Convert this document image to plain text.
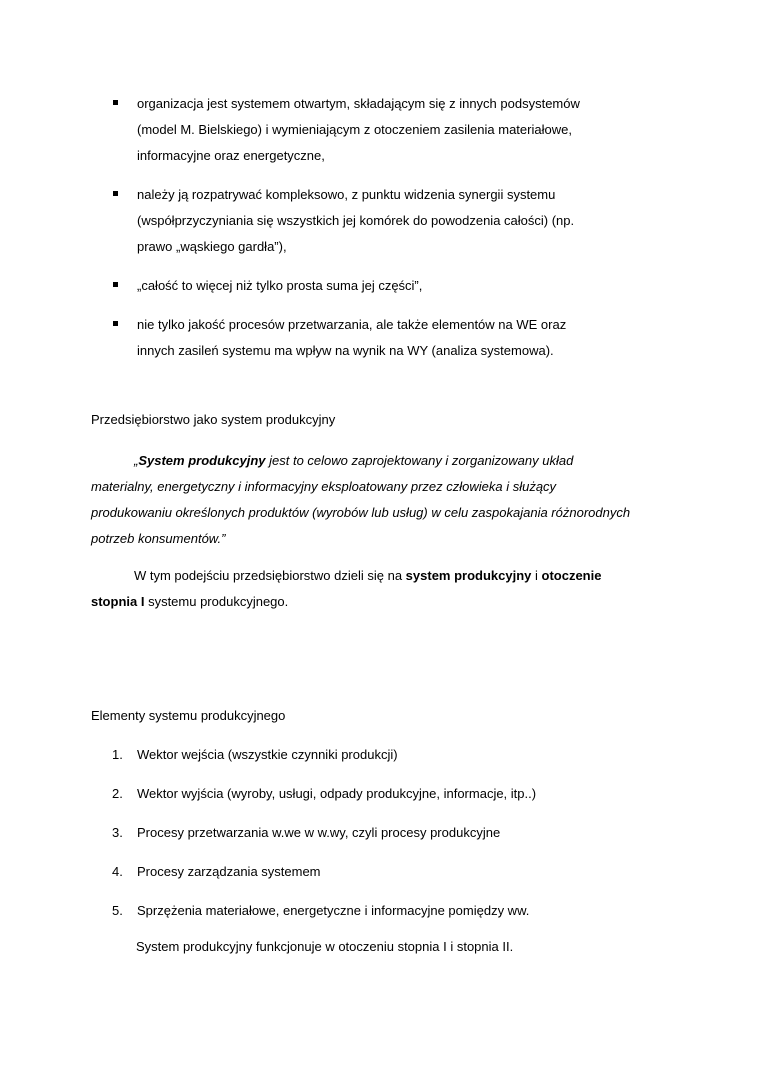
organizacja jest systemem otwartym, składającym się z innych podsystemów (model M. Bielskiego) i wymieniającym z otoczeniem zasilenia materiałowe, informacyjne oraz energetyczne,
należy ją rozpatrywać kompleksowo, z punktu widzenia synergii systemu (współprzyczyniania się wszystkich jej komórek do powodzenia całości) (np. prawo „wąskiego gardła”),
„całość to więcej niż tylko prosta suma jej części”,
nie tylko jakość procesów przetwarzania, ale także elementów na WE oraz innych zasileń systemu ma wpływ na wynik na WY (analiza systemowa).
Przedsiębiorstwo jako system produkcyjny

„System produkcyjny jest to celowo zaprojektowany i zorganizowany układ materialny, energetyczny i informacyjny eksploatowany przez człowieka i służący produkowaniu określonych produktów (wyrobów lub usług) w celu zaspokajania różnorodnych potrzeb konsumentów.”

W tym podejściu przedsiębiorstwo dzieli się na system produkcyjny i otoczenie stopnia I systemu produkcyjnego.

Elementy systemu produkcyjnego
1. Wektor wejścia (wszystkie czynniki produkcji)
2. Wektor wyjścia (wyroby, usługi, odpady produkcyjne, informacje, itp..)
3. Procesy przetwarzania w.we w w.wy, czyli procesy produkcyjne
4. Procesy zarządzania systemem
5. Sprzężenia materiałowe, energetyczne i informacyjne pomiędzy ww.
System produkcyjny funkcjonuje w otoczeniu stopnia I i stopnia II.
